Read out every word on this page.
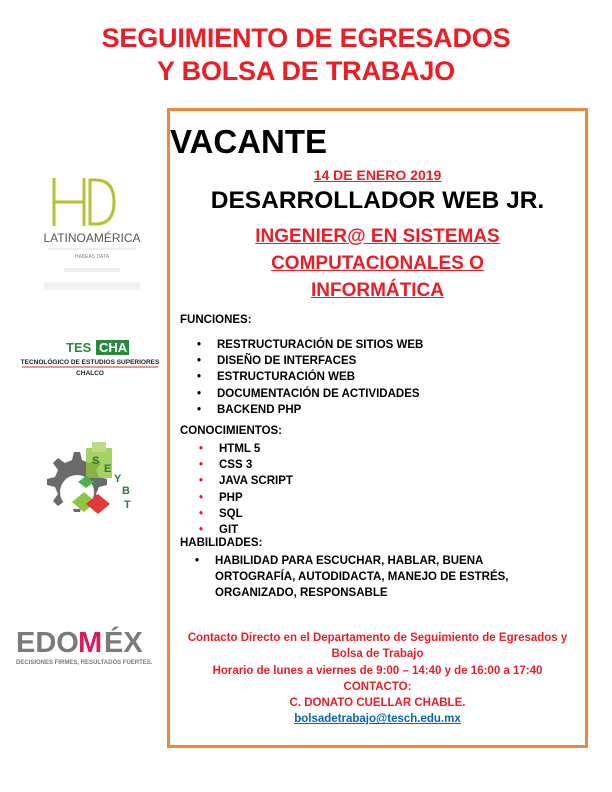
SEGUIMIENTO DE EGRESADOS
Y BOLSA DE TRABAJO
LATINOAMÉRICA
HABEAS DATA
TES CHA
TECNOLÓGICO DE ESTUDIOS SUPERIORES
CHALCO
S
E
Y
B
T
EDO M ÉX
DECISIONES FIRMES, RESULTADOS FUERTES.
VACANTE
14 DE ENERO 2019
DESARROLLADOR WEB JR.
INGENIER@ EN SISTEMAS
COMPUTACIONALES O
INFORMÁTICA
FUNCIONES:
• RESTRUCTURACIÓN DE SITIOS WEB
• DISEÑO DE INTERFACES
• ESTRUCTURACIÓN WEB
• DOCUMENTACIÓN DE ACTIVIDADES
• BACKEND PHP
CONOCIMIENTOS:
• HTML 5
• CSS 3
• JAVA SCRIPT
• PHP
• SQL
• GIT
HABILIDADES:
• HABILIDAD PARA ESCUCHAR, HABLAR, BUENA ORTOGRAFÍA, AUTODIDACTA, MANEJO DE ESTRÉS, ORGANIZADO, RESPONSABLE
Contacto Directo en el Departamento de Seguimiento de Egresados y
Bolsa de Trabajo
Horario de lunes a viernes de 9:00 – 14:40 y de 16:00 a 17:40
CONTACTO:
C. DONATO CUELLAR CHABLE.
bolsadetrabajo@tesch.edu.mx
